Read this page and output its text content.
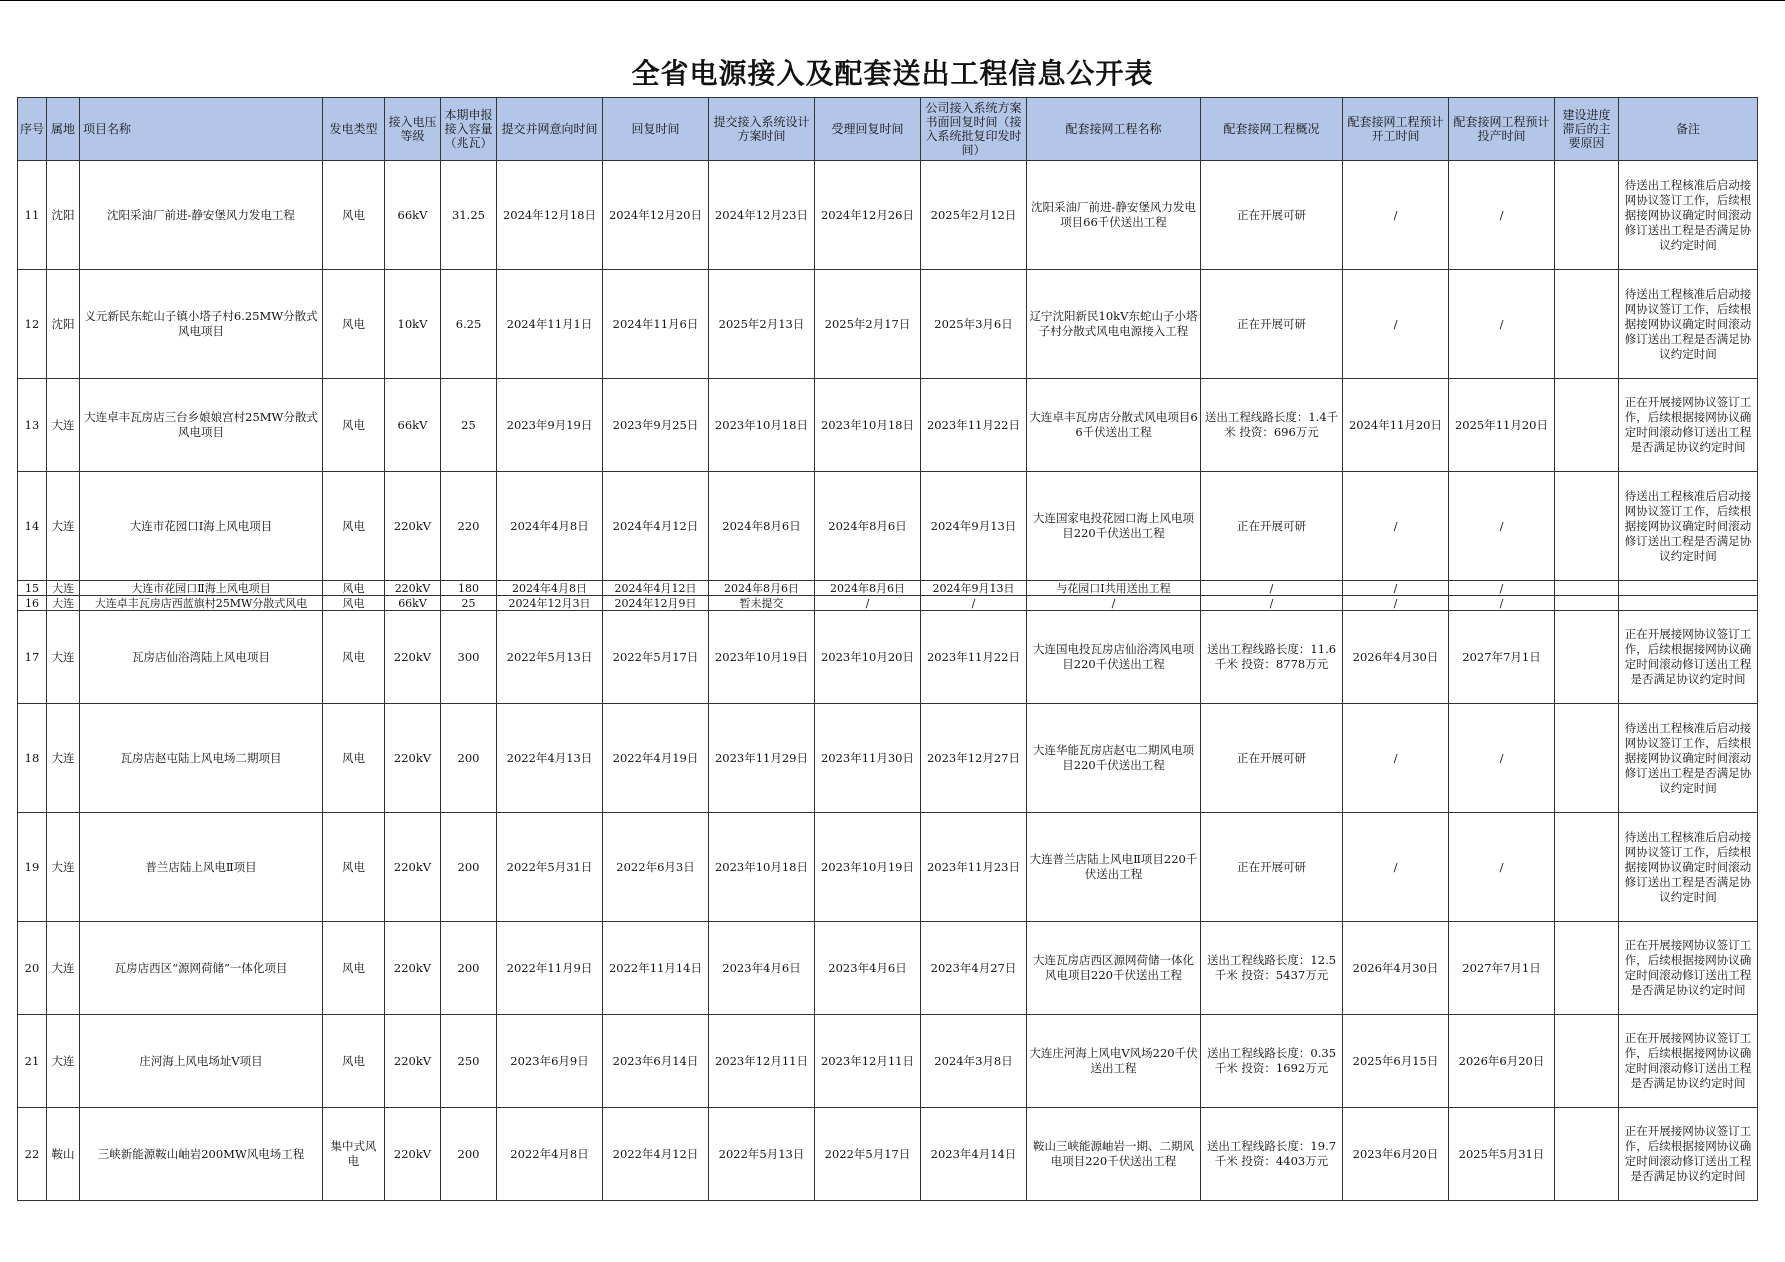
全省电源接入及配套送出工程信息公开表
序号	属地	项目名称	发电类型	接入电压等级	本期申报接入容量（兆瓦）	提交并网意向时间	回复时间	提交接入系统设计方案时间	受理回复时间	公司接入系统方案书面回复时间（接入系统批复印发时间）	配套接网工程名称	配套接网工程概况	配套接网工程预计开工时间	配套接网工程预计投产时间	建设进度滞后的主要原因	备注
11	沈阳	沈阳采油厂前进-静安堡风力发电工程	风电	66kV	31.25	2024年12月18日	2024年12月20日	2024年12月23日	2024年12月26日	2025年2月12日	沈阳采油厂前进-静安堡风力发电项目66千伏送出工程	正在开展可研	/	/		待送出工程核准后启动接网协议签订工作，后续根据接网协议确定时间滚动修订送出工程是否满足协议约定时间
12	沈阳	义元新民东蛇山子镇小塔子村6.25MW分散式风电项目	风电	10kV	6.25	2024年11月1日	2024年11月6日	2025年2月13日	2025年2月17日	2025年3月6日	辽宁沈阳新民10kV东蛇山子小塔子村分散式风电电源接入工程	正在开展可研	/	/		待送出工程核准后启动接网协议签订工作，后续根据接网协议确定时间滚动修订送出工程是否满足协议约定时间
13	大连	大连卓丰瓦房店三台乡娘娘宫村25MW分散式风电项目	风电	66kV	25	2023年9月19日	2023年9月25日	2023年10月18日	2023年10月18日	2023年11月22日	大连卓丰瓦房店分散式风电项目66千伏送出工程	送出工程线路长度：1.4千米 投资：696万元	2024年11月20日	2025年11月20日		正在开展接网协议签订工作，后续根据接网协议确定时间滚动修订送出工程是否满足协议约定时间
14	大连	大连市花园口Ⅰ海上风电项目	风电	220kV	220	2024年4月8日	2024年4月12日	2024年8月6日	2024年8月6日	2024年9月13日	大连国家电投花园口海上风电项目220千伏送出工程	正在开展可研	/	/		待送出工程核准后启动接网协议签订工作，后续根据接网协议确定时间滚动修订送出工程是否满足协议约定时间
15	大连	大连市花园口Ⅱ海上风电项目	风电	220kV	180	2024年4月8日	2024年4月12日	2024年8月6日	2024年8月6日	2024年9月13日	与花园口Ⅰ共用送出工程	/	/	/		
16	大连	大连卓丰瓦房店西蓝旗村25MW分散式风电	风电	66kV	25	2024年12月3日	2024年12月9日	暂未提交	/	/	/	/	/	/		
17	大连	瓦房店仙浴湾陆上风电项目	风电	220kV	300	2022年5月13日	2022年5月17日	2023年10月19日	2023年10月20日	2023年11月22日	大连国电投瓦房店仙浴湾风电项目220千伏送出工程	送出工程线路长度：11.6千米 投资：8778万元	2026年4月30日	2027年7月1日		正在开展接网协议签订工作，后续根据接网协议确定时间滚动修订送出工程是否满足协议约定时间
18	大连	瓦房店赵屯陆上风电场二期项目	风电	220kV	200	2022年4月13日	2022年4月19日	2023年11月29日	2023年11月30日	2023年12月27日	大连华能瓦房店赵屯二期风电项目220千伏送出工程	正在开展可研	/	/		待送出工程核准后启动接网协议签订工作，后续根据接网协议确定时间滚动修订送出工程是否满足协议约定时间
19	大连	普兰店陆上风电Ⅱ项目	风电	220kV	200	2022年5月31日	2022年6月3日	2023年10月18日	2023年10月19日	2023年11月23日	大连普兰店陆上风电Ⅱ项目220千伏送出工程	正在开展可研	/	/		待送出工程核准后启动接网协议签订工作，后续根据接网协议确定时间滚动修订送出工程是否满足协议约定时间
20	大连	瓦房店西区“源网荷储”一体化项目	风电	220kV	200	2022年11月9日	2022年11月14日	2023年4月6日	2023年4月6日	2023年4月27日	大连瓦房店西区源网荷储一体化风电项目220千伏送出工程	送出工程线路长度：12.5千米 投资：5437万元	2026年4月30日	2027年7月1日		正在开展接网协议签订工作，后续根据接网协议确定时间滚动修订送出工程是否满足协议约定时间
21	大连	庄河海上风电场址Ⅴ项目	风电	220kV	250	2023年6月9日	2023年6月14日	2023年12月11日	2023年12月11日	2024年3月8日	大连庄河海上风电Ⅴ风场220千伏送出工程	送出工程线路长度：0.35千米 投资：1692万元	2025年6月15日	2026年6月20日		正在开展接网协议签订工作，后续根据接网协议确定时间滚动修订送出工程是否满足协议约定时间
22	鞍山	三峡新能源鞍山岫岩200MW风电场工程	集中式风电	220kV	200	2022年4月8日	2022年4月12日	2022年5月13日	2022年5月17日	2023年4月14日	鞍山三峡能源岫岩一期、二期风电项目220千伏送出工程	送出工程线路长度：19.7千米 投资：4403万元	2023年6月20日	2025年5月31日		正在开展接网协议签订工作，后续根据接网协议确定时间滚动修订送出工程是否满足协议约定时间
